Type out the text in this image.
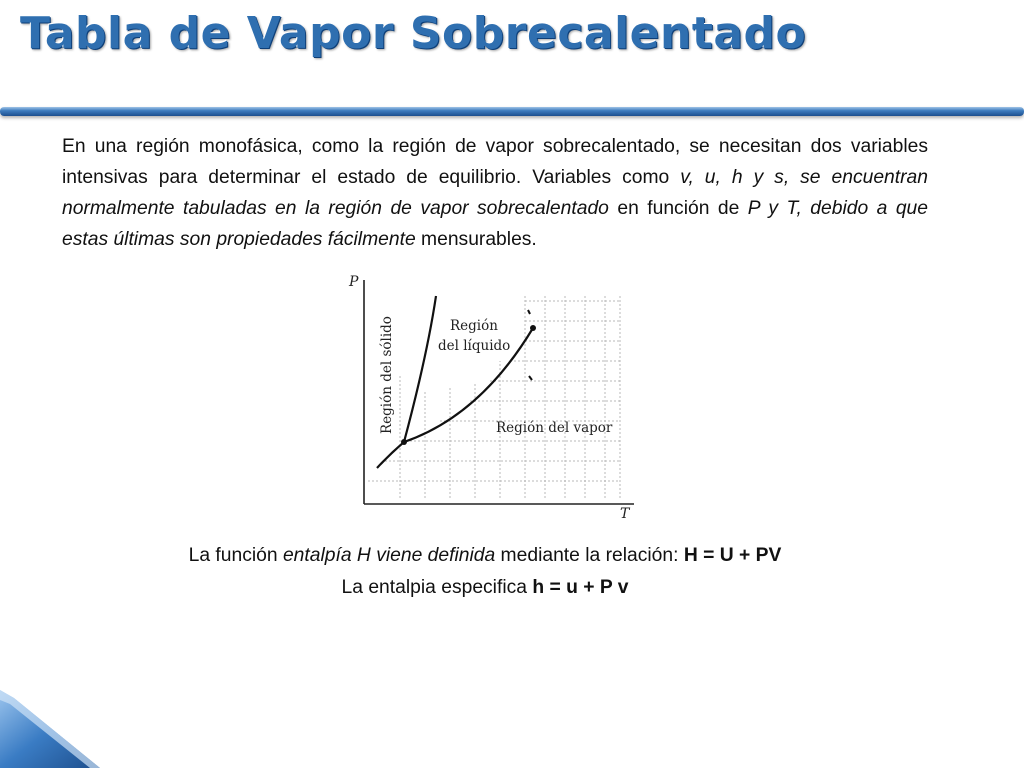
Tabla de Vapor Sobrecalentado
En una región monofásica, como la región de vapor sobrecalentado, se necesitan dos variables intensivas para determinar el estado de equilibrio. Variables como v, u, h y s, se encuentran normalmente tabuladas en la región de vapor sobrecalentado en función de P y T, debido a que estas últimas son propiedades fácilmente mensurables.
P
T
Región del sólido	Región
del líquido
Región del vapor
La función entalpía H viene definida mediante la relación: H = U + PV
La entalpia especifica h = u + P v
